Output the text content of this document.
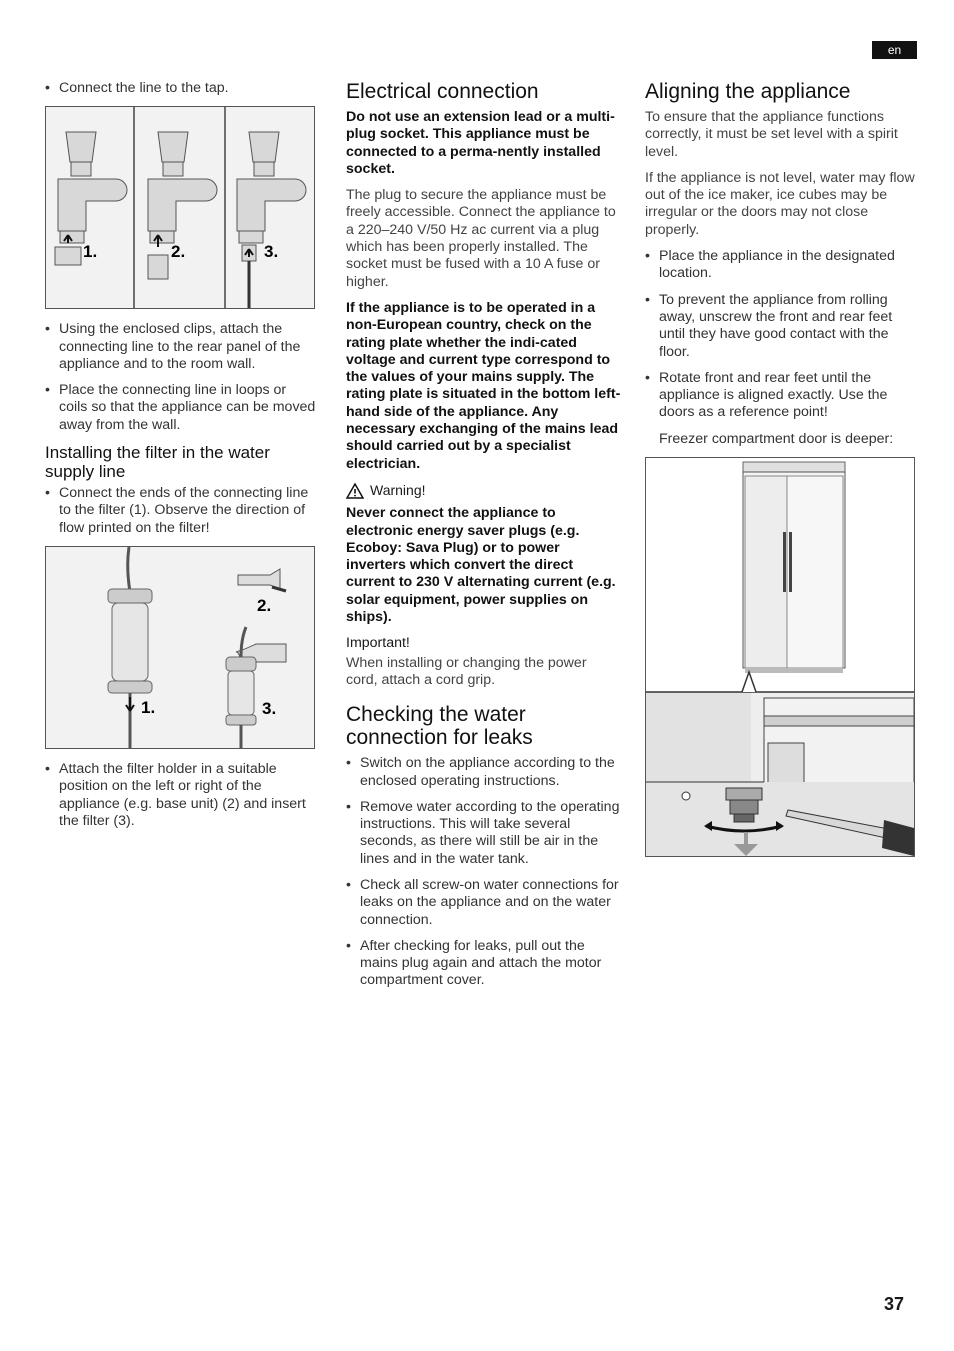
en
• Connect the line to the tap.
1.	2.	3.
• Using the enclosed clips, attach the connecting line to the rear panel of the appliance and to the room wall.
• Place the connecting line in loops or coils so that the appliance can be moved away from the wall.
Installing the filter in the water supply line
• Connect the ends of the connecting line to the filter (1). Observe the direction of flow printed on the filter!
1.
2.
3.
• Attach the filter holder in a suitable position on the left or right of the appliance (e.g. base unit) (2) and insert the filter (3).
Electrical connection

Do not use an extension lead or a multi-plug socket. This appliance must be connected to a perma-nently installed socket.

The plug to secure the appliance must be freely accessible. Connect the appliance to a 220–240 V/50 Hz ac current via a plug which has been properly installed. The socket must be fused with a 10 A fuse or higher.

If the appliance is to be operated in a non-European country, check on the rating plate whether the indi-cated voltage and current type correspond to the values of your mains supply. The rating plate is situated in the bottom left-hand side of the appliance. Any necessary exchanging of the mains lead should carried out by a specialist electrician.

Warning!

Never connect the appliance to electronic energy saver plugs (e.g. Ecoboy: Sava Plug) or to power inverters which convert the direct current to 230 V alternating current (e.g. solar equipment, power supplies on ships).

Important!

When installing or changing the power cord, attach a cord grip.

Checking the water connection for leaks
• Switch on the appliance according to the enclosed operating instructions.
• Remove water according to the operating instructions. This will take several seconds, as there will still be air in the lines and in the water tank.
• Check all screw-on water connections for leaks on the appliance and on the water connection.
• After checking for leaks, pull out the mains plug again and attach the motor compartment cover.
Aligning the appliance

To ensure that the appliance functions correctly, it must be set level with a spirit level.

If the appliance is not level, water may flow out of the ice maker, ice cubes may be irregular or the doors may not close properly.

• Place the appliance in the designated location.
• To prevent the appliance from rolling away, unscrew the front and rear feet until they have good contact with the floor.
• Rotate front and rear feet until the appliance is aligned exactly. Use the doors as a reference point!

Freezer compartment door is deeper:

37
